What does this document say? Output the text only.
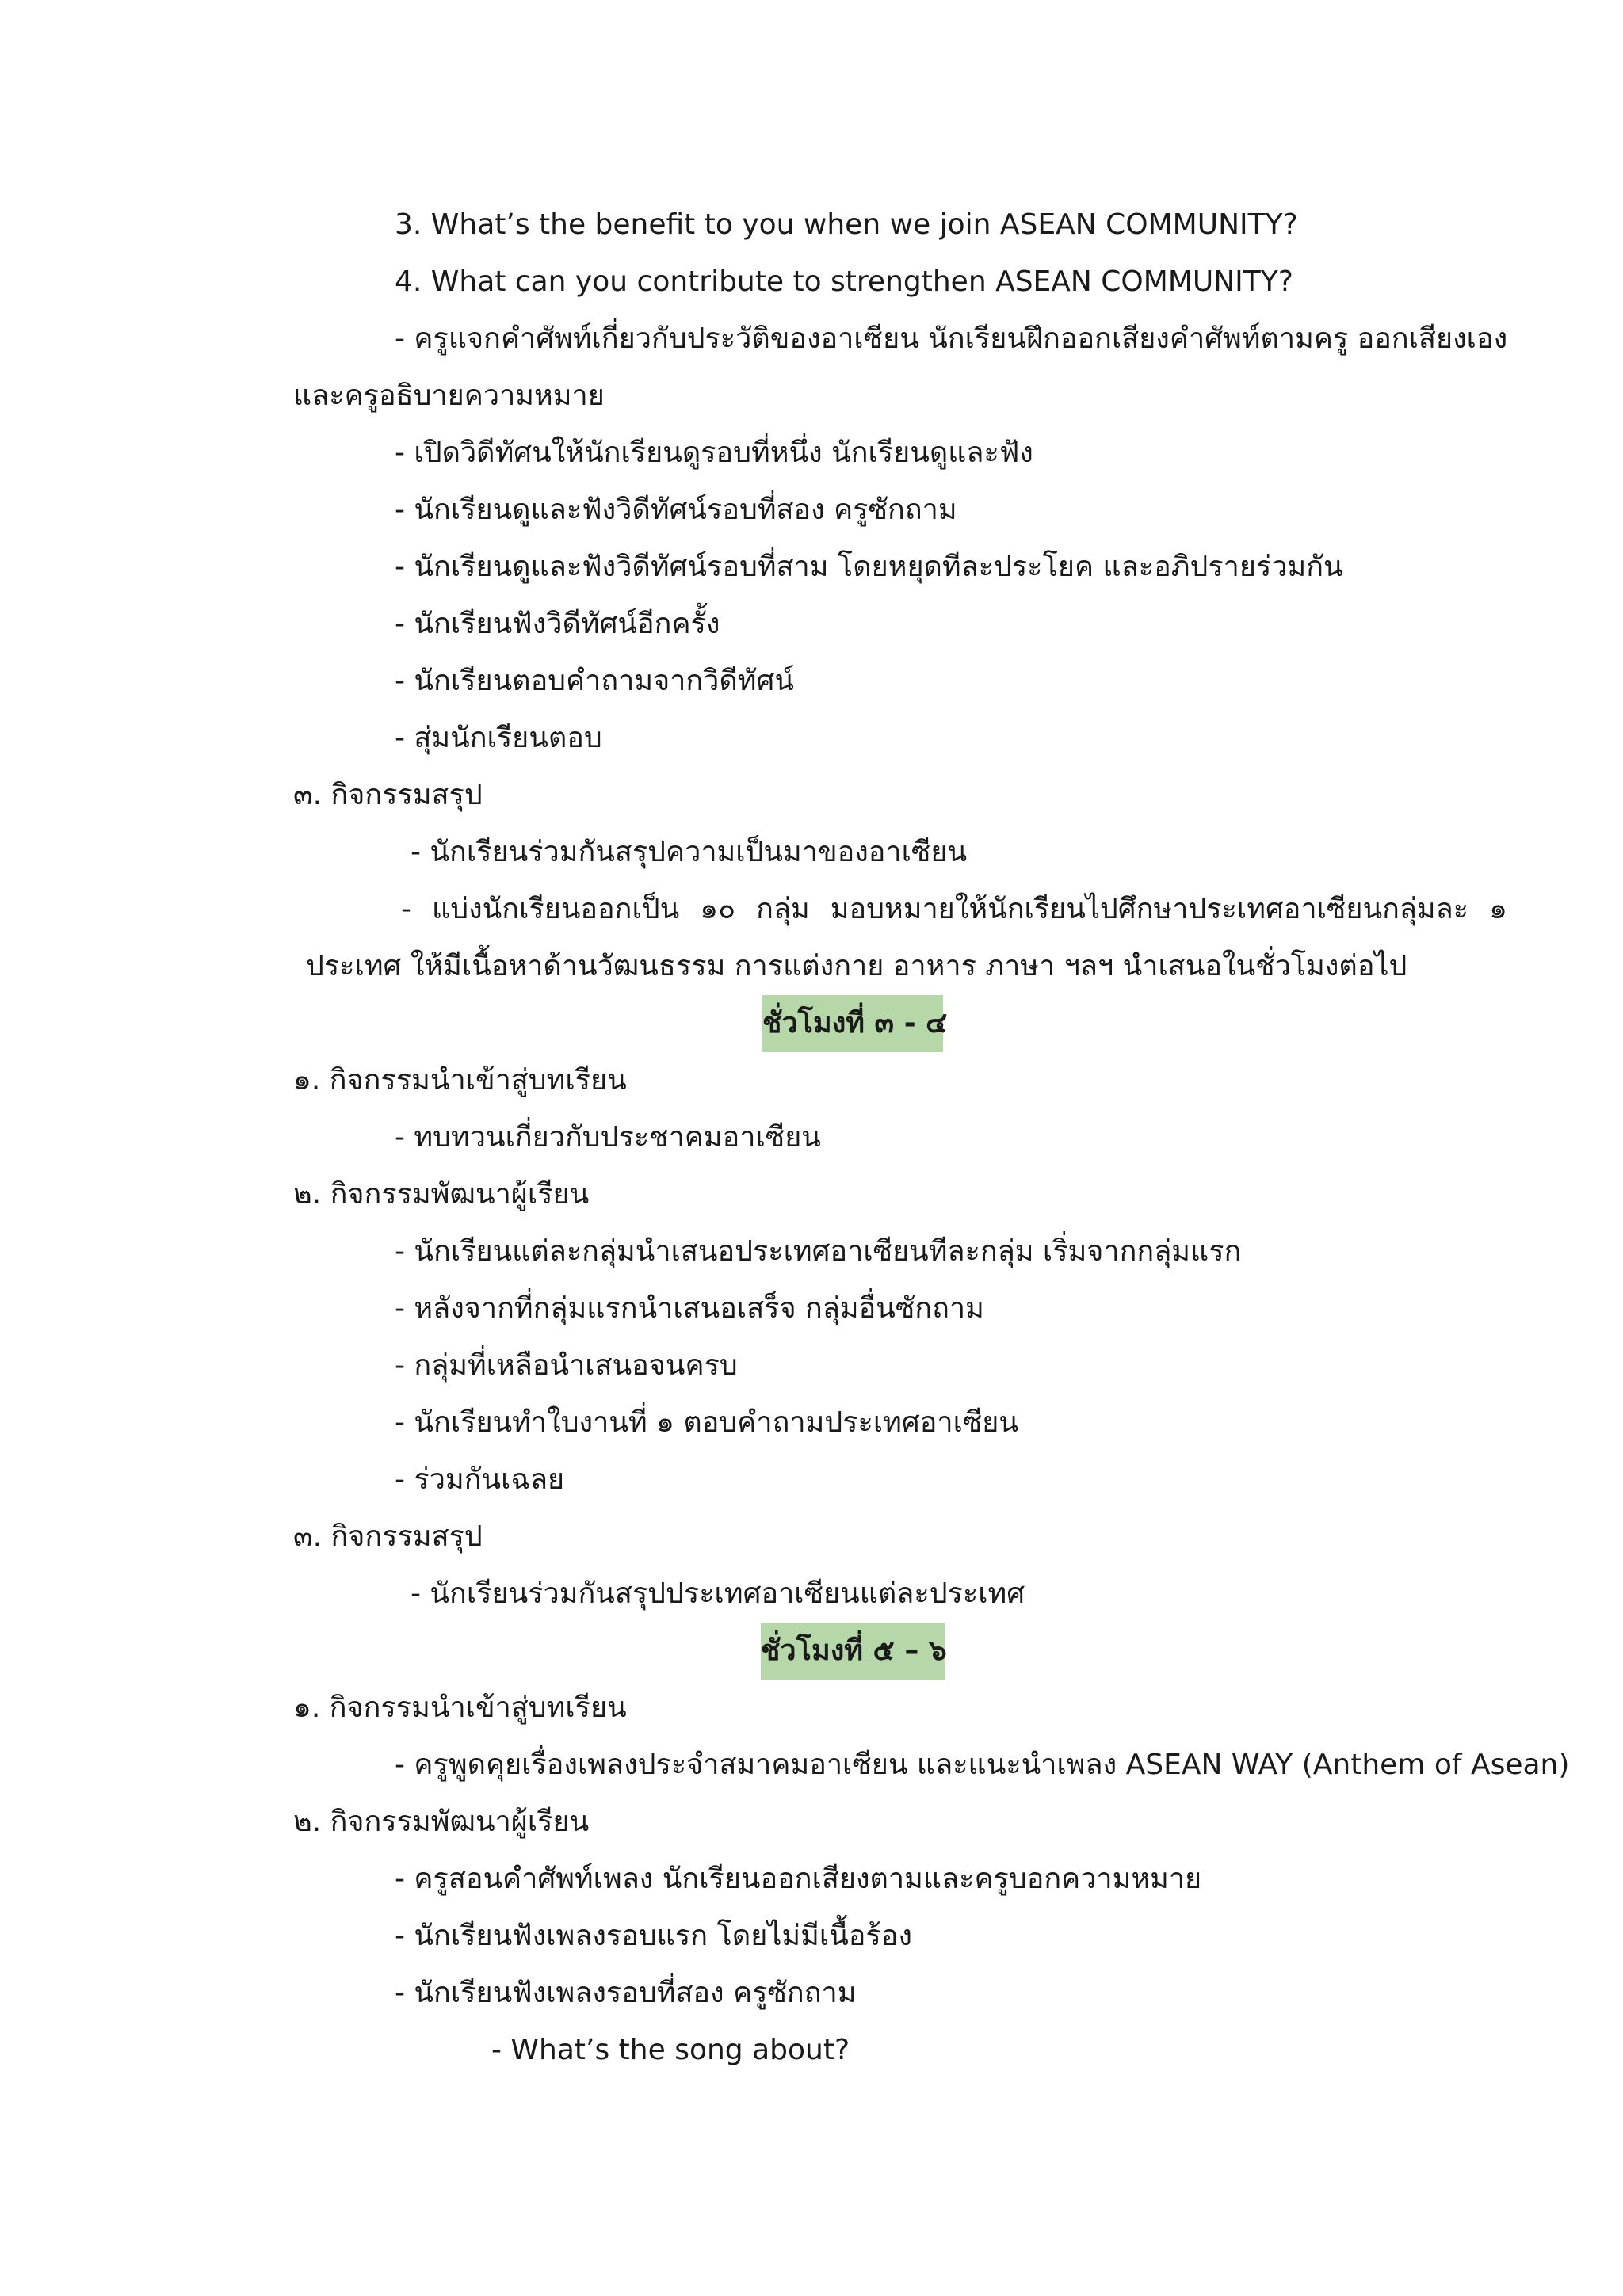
3. What’s the benefit to you when we join ASEAN COMMUNITY?
4. What can you contribute to strengthen ASEAN COMMUNITY?
- ครูแจกคำศัพท์เกี่ยวกับประวัติของอาเซียน นักเรียนฝึกออกเสียงคำศัพท์ตามครู ออกเสียงเอง
และครูอธิบายความหมาย
- เปิดวิดีทัศนให้นักเรียนดูรอบที่หนึ่ง นักเรียนดูและฟัง
- นักเรียนดูและฟังวิดีทัศน์รอบที่สอง ครูซักถาม
- นักเรียนดูและฟังวิดีทัศน์รอบที่สาม โดยหยุดทีละประโยค และอภิปรายร่วมกัน
- นักเรียนฟังวิดีทัศน์อีกครั้ง
- นักเรียนตอบคำถามจากวิดีทัศน์
- สุ่มนักเรียนตอบ
๓. กิจกรรมสรุป
- นักเรียนร่วมกันสรุปความเป็นมาของอาเซียน
- แบ่งนักเรียนออกเป็น ๑๐ กลุ่ม มอบหมายให้นักเรียนไปศึกษาประเทศอาเซียนกลุ่มละ ๑
ประเทศ ให้มีเนื้อหาด้านวัฒนธรรม การแต่งกาย อาหาร ภาษา ฯลฯ นำเสนอในชั่วโมงต่อไป
ชั่วโมงที่ ๓ - ๔
๑. กิจกรรมนำเข้าสู่บทเรียน
- ทบทวนเกี่ยวกับประชาคมอาเซียน
๒. กิจกรรมพัฒนาผู้เรียน
- นักเรียนแต่ละกลุ่มนำเสนอประเทศอาเซียนทีละกลุ่ม เริ่มจากกลุ่มแรก
- หลังจากที่กลุ่มแรกนำเสนอเสร็จ กลุ่มอื่นซักถาม
- กลุ่มที่เหลือนำเสนอจนครบ
- นักเรียนทำใบงานที่ ๑ ตอบคำถามประเทศอาเซียน
- ร่วมกันเฉลย
๓. กิจกรรมสรุป
- นักเรียนร่วมกันสรุปประเทศอาเซียนแต่ละประเทศ
ชั่วโมงที่ ๕ – ๖
๑. กิจกรรมนำเข้าสู่บทเรียน
- ครูพูดคุยเรื่องเพลงประจำสมาคมอาเซียน และแนะนำเพลง ASEAN WAY (Anthem of Asean)
๒. กิจกรรมพัฒนาผู้เรียน
- ครูสอนคำศัพท์เพลง นักเรียนออกเสียงตามและครูบอกความหมาย
- นักเรียนฟังเพลงรอบแรก โดยไม่มีเนื้อร้อง
- นักเรียนฟังเพลงรอบที่สอง ครูซักถาม
- What’s the song about?
